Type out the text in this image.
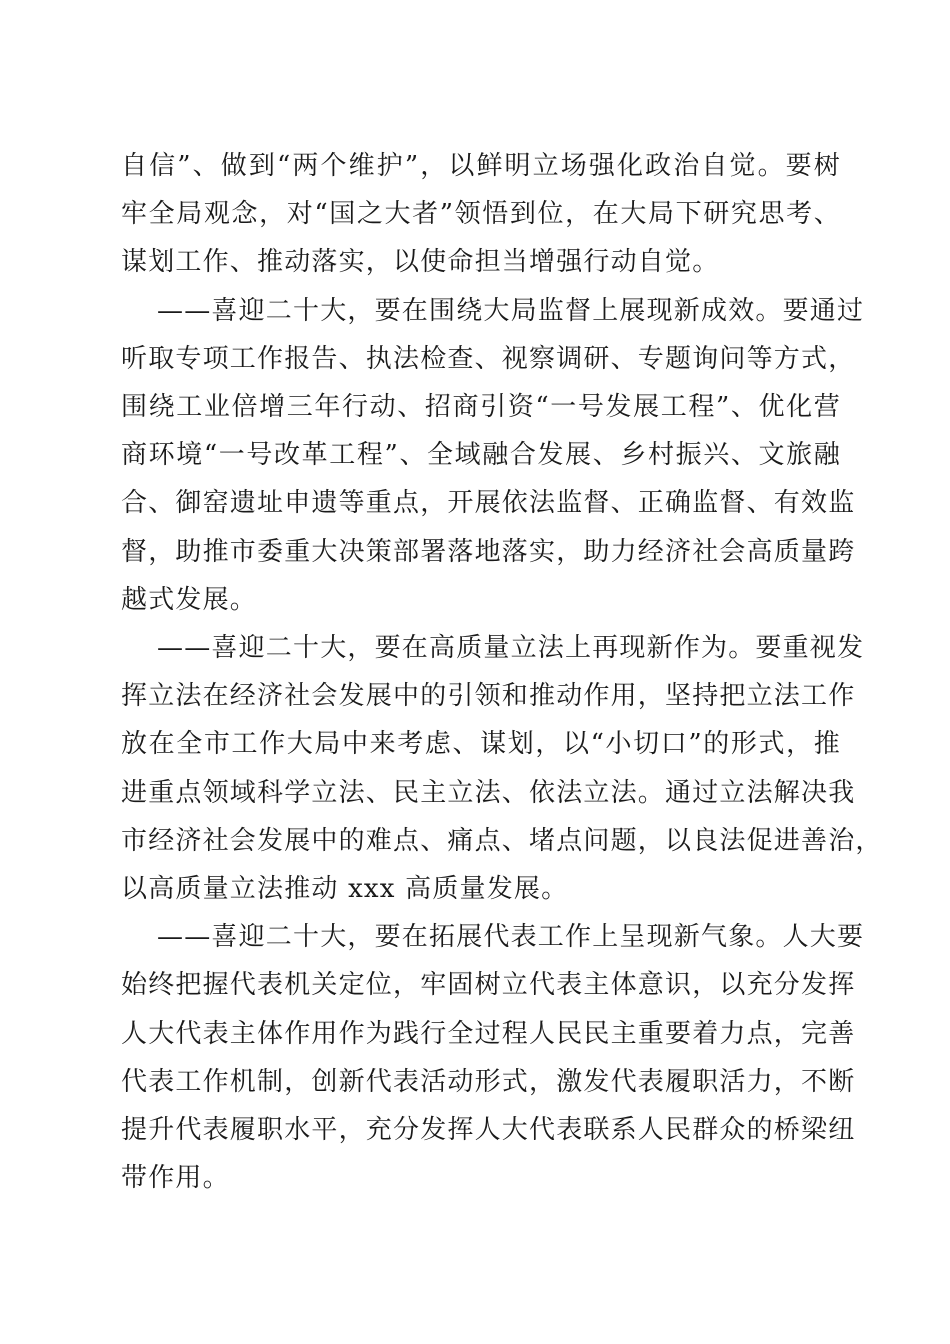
自信”、做到“两个维护”，以鲜明立场强化政治自觉。要树
牢全局观念，对“国之大者”领悟到位，在大局下研究思考、
谋划工作、推动落实，以使命担当增强行动自觉。

——喜迎二十大，要在围绕大局监督上展现新成效。要通过
听取专项工作报告、执法检查、视察调研、专题询问等方式，
围绕工业倍增三年行动、招商引资“一号发展工程”、优化营
商环境“一号改革工程”、全域融合发展、乡村振兴、文旅融
合、御窑遗址申遗等重点，开展依法监督、正确监督、有效监
督，助推市委重大决策部署落地落实，助力经济社会高质量跨
越式发展。

——喜迎二十大，要在高质量立法上再现新作为。要重视发
挥立法在经济社会发展中的引领和推动作用，坚持把立法工作
放在全市工作大局中来考虑、谋划，以“小切口”的形式，推
进重点领域科学立法、民主立法、依法立法。通过立法解决我
市经济社会发展中的难点、痛点、堵点问题，以良法促进善治，
以高质量立法推动 xxx 高质量发展。

——喜迎二十大，要在拓展代表工作上呈现新气象。人大要
始终把握代表机关定位，牢固树立代表主体意识，以充分发挥
人大代表主体作用作为践行全过程人民民主重要着力点，完善
代表工作机制，创新代表活动形式，激发代表履职活力，不断
提升代表履职水平，充分发挥人大代表联系人民群众的桥梁纽
带作用。
